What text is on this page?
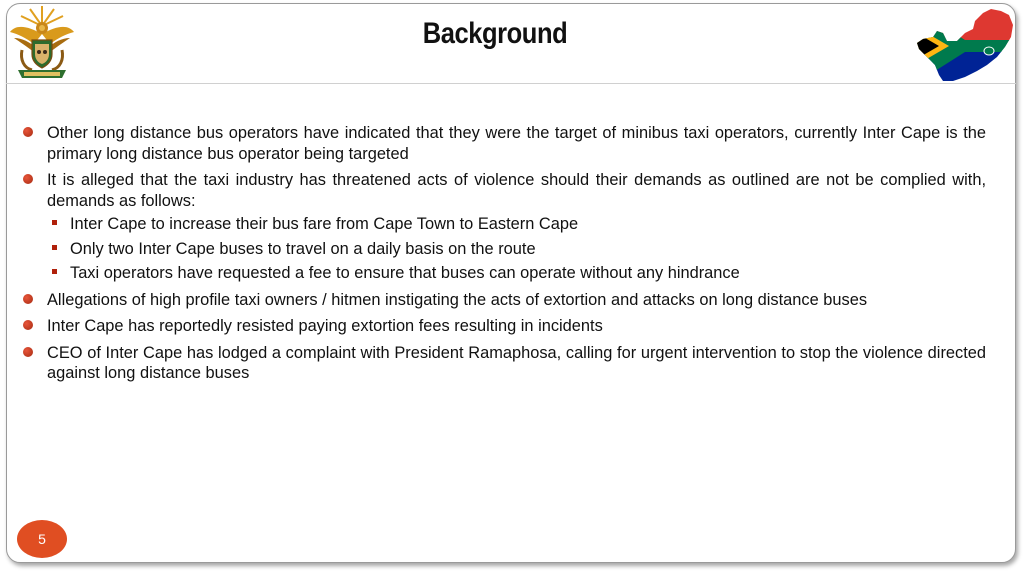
Background
Other long distance bus operators have indicated that they were the target of minibus taxi operators, currently Inter Cape is the primary long distance bus operator being targeted
It is alleged that the taxi industry has threatened acts of violence should their demands as outlined are not be complied with, demands as follows:
Inter Cape to increase their bus fare from Cape Town to Eastern Cape
Only two Inter Cape buses to travel on a daily basis on the route
Taxi operators have requested a fee to ensure that buses can operate without any hindrance
Allegations of high profile taxi owners / hitmen instigating the acts of extortion and attacks on long distance buses
Inter Cape has reportedly resisted paying extortion fees resulting in incidents
CEO of Inter Cape has lodged a complaint with President Ramaphosa, calling for urgent intervention to stop the violence directed against long distance buses
5
